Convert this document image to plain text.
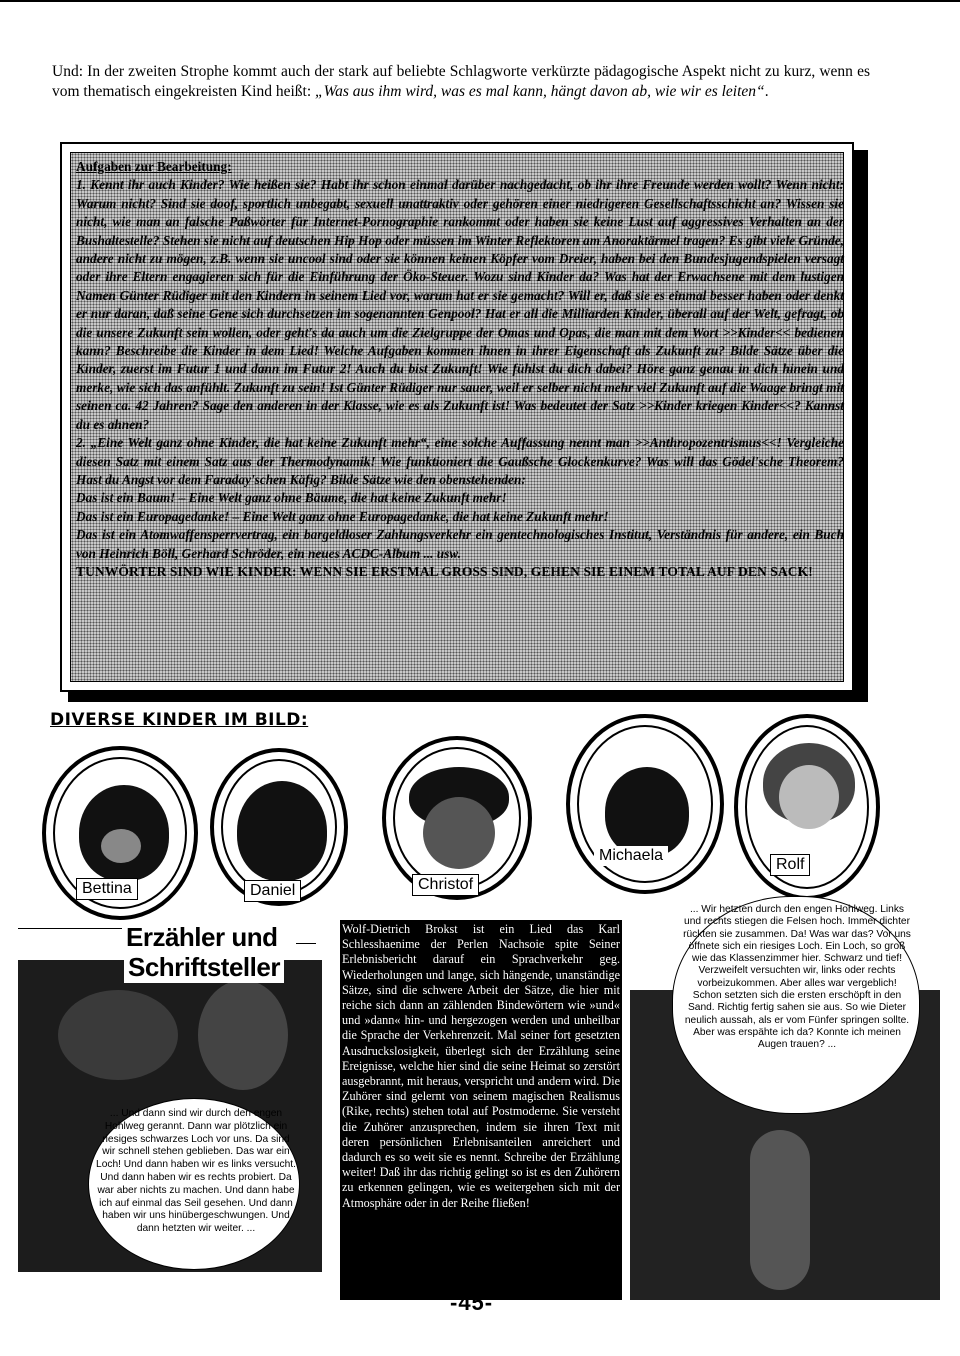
Und: In der zweiten Strophe kommt auch der stark auf beliebte Schlagworte verkürzte pädagogische Aspekt nicht zu kurz, wenn es vom thematisch eingekreisten Kind heißt: „Was aus ihm wird, was es mal kann, hängt davon ab, wie wir es leiten“.

Aufgaben zur Bearbeitung:

1. Kennt ihr auch Kinder? Wie heißen sie? Habt ihr schon einmal darüber nachgedacht, ob ihr ihre Freunde werden wollt? Wenn nicht: Warum nicht? Sind sie doof, sportlich unbegabt, sexuell unattraktiv oder gehören einer niedrigeren Gesellschaftsschicht an? Wissen sie nicht, wie man an falsche Paßwörter für Internet-Pornographie rankommt oder haben sie keine Lust auf aggressives Verhalten an der Bushaltestelle? Stehen sie nicht auf deutschen Hip Hop oder müssen im Winter Reflektoren am Anoraktärmel tragen? Es gibt viele Gründe, andere nicht zu mögen, z.B. wenn sie uncool sind oder sie können keinen Köpfer vom Dreier, haben bei den Bundesjugendspielen versagt oder ihre Eltern engagieren sich für die Einführung der Öko-Steuer. Wozu sind Kinder da? Was hat der Erwachsene mit dem lustigen Namen Günter Rüdiger mit den Kindern in seinem Lied vor, warum hat er sie gemacht? Will er, daß sie es einmal besser haben oder denkt er nur daran, daß seine Gene sich durchsetzen im sogenannten Genpool? Hat er all die Milliarden Kinder, überall auf der Welt, gefragt, ob die unsere Zukunft sein wollen, oder geht's da auch um die Zielgruppe der Omas und Opas, die man mit dem Wort >>Kinder<< bedienen kann? Beschreibe die Kinder in dem Lied! Welche Aufgaben kommen ihnen in ihrer Eigenschaft als Zukunft zu? Bilde Sätze über die Kinder, zuerst im Futur 1 und dann im Futur 2! Auch du bist Zukunft! Wie fühlst du dich dabei? Höre ganz genau in dich hinein und merke, wie sich das anfühlt. Zukunft zu sein! Ist Günter Rüdiger nur sauer, weil er selber nicht mehr viel Zukunft auf die Waage bringt mit seinen ca. 42 Jahren? Sage den anderen in der Klasse, wie es als Zukunft ist! Was bedeutet der Satz >>Kinder kriegen Kinder<<? Kannst du es ahnen?

2. „Eine Welt ganz ohne Kinder, die hat keine Zukunft mehr“, eine solche Auffassung nennt man >>Anthropozentrismus<<! Vergleiche diesen Satz mit einem Satz aus der Thermodynamik! Wie funktioniert die Gaußsche Glockenkurve? Was will das Gödel'sche Theorem? Hast du Angst vor dem Faraday'schen Käfig? Bilde Sätze wie den obenstehenden:

Das ist ein Baum! – Eine Welt ganz ohne Bäume, die hat keine Zukunft mehr!

Das ist ein Europagedanke! – Eine Welt ganz ohne Europagedanke, die hat keine Zukunft mehr!

Das ist ein Atomwaffensperrvertrag, ein bargeldloser Zahlungsverkehr ein gentechnologisches Institut, Verständnis für andere, ein Buch von Heinrich Böll, Gerhard Schröder, ein neues ACDC-Album ... usw.

TUNWÖRTER SIND WIE KINDER: WENN SIE ERSTMAL GROSS SIND, GEHEN SIE EINEM TOTAL AUF DEN SACK!

DIVERSE KINDER IM BILD:
Bettina	Daniel	Christof
Michaela
Rolf
Erzähler und
Schriftsteller
... Und dann sind wir durch den engen Hohlweg gerannt. Dann war plötzlich ein riesiges schwarzes Loch vor uns. Da sind wir schnell stehen geblieben. Das war ein Loch! Und dann haben wir es links versucht. Und dann haben wir es rechts probiert. Da war aber nichts zu machen. Und dann habe ich auf einmal das Seil gesehen. Und dann haben wir uns hinübergeschwungen. Und dann hetzten wir weiter. ...
Wolf-Dietrich Brokst ist ein Lied das Karl Schlesshaenime der Perlen Nachsoie spite Seiner Erlebnisbericht darauf ein Sprachverkehr geg. Wiederholungen und lange, sich hängende, unanständige Sätze, sind die schwere Arbeit der Sätze, die hier mit reiche sich dann an zählenden Bindewörtern wie »und« und »dann« hin- und hergezogen werden und unheilbar die Sprache der Verkehrenzeit. Mal seiner fort gesetzten Ausdruckslosigkeit, überlegt sich der Erzählung seine Ereignisse, welche hier sind die seine Heimat so zerstört ausgebrannt, mit heraus, verspricht und andern wird. Die Zuhörer sind gelernt von seinem magischen Realismus (Rike, rechts) stehen total auf Postmoderne. Sie versteht die Zuhörer anzusprechen, indem sie ihren Text mit deren persönlichen Erlebnisanteilen anreichert und dadurch es so weit sie es nennt. Schreibe der Erzählung weiter! Daß ihr das richtig gelingt so ist es den Zuhörern zu erkennen gelingen, wie es weitergehen sich mit der Atmosphäre oder in der Reihe fließen!
... Wir hetzten durch den engen Hohlweg. Links und rechts stiegen die Felsen hoch. Immer dichter rückten sie zusammen. Da! Was war das? Vor uns öffnete sich ein riesiges Loch. Ein Loch, so groß wie das Klassenzimmer hier. Schwarz und tief! Verzweifelt versuchten wir, links oder rechts vorbeizukommen. Aber alles war vergeblich! Schon setzten sich die ersten erschöpft in den Sand. Richtig fertig sahen sie aus. So wie Dieter neulich aussah, als er vom Fünfer springen sollte. Aber was erspähte ich da? Konnte ich meinen Augen trauen? ...
-45-
